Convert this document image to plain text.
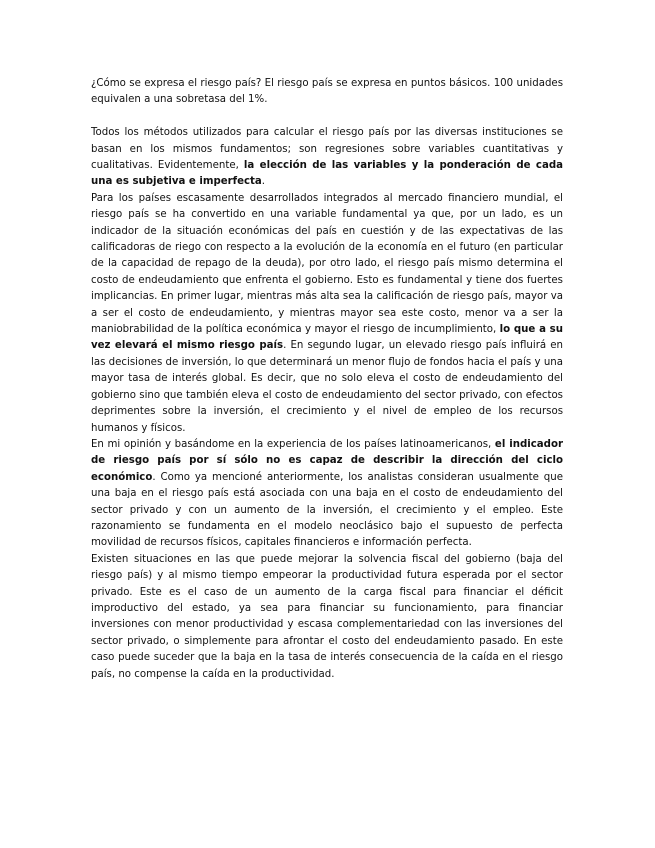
¿Cómo se expresa el riesgo país? El riesgo país se expresa en puntos básicos. 100 unidades equivalen a una sobretasa del 1%.

Todos los métodos utilizados para calcular el riesgo país por las diversas instituciones se basan en los mismos fundamentos; son regresiones sobre variables cuantitativas y cualitativas. Evidentemente, la elección de las variables y la ponderación de cada una es subjetiva e imperfecta.

Para los países escasamente desarrollados integrados al mercado financiero mundial, el riesgo país se ha convertido en una variable fundamental ya que, por un lado, es un indicador de la situación económicas del país en cuestión y de las expectativas de las calificadoras de riego con respecto a la evolución de la economía en el futuro (en particular de la capacidad de repago de la deuda), por otro lado, el riesgo país mismo determina el costo de endeudamiento que enfrenta el gobierno. Esto es fundamental y tiene dos fuertes implicancias. En primer lugar, mientras más alta sea la calificación de riesgo país, mayor va a ser el costo de endeudamiento, y mientras mayor sea este costo, menor va a ser la maniobrabilidad de la política económica y mayor el riesgo de incumplimiento, lo que a su vez elevará el mismo riesgo país. En segundo lugar, un elevado riesgo país influirá en las decisiones de inversión, lo que determinará un menor flujo de fondos hacia el país y una mayor tasa de interés global. Es decir, que no solo eleva el costo de endeudamiento del gobierno sino que también eleva el costo de endeudamiento del sector privado, con efectos deprimentes sobre la inversión, el crecimiento y el nivel de empleo de los recursos humanos y físicos.

En mi opinión y basándome en la experiencia de los países latinoamericanos, el indicador de riesgo país por sí sólo no es capaz de describir la dirección del ciclo económico. Como ya mencioné anteriormente, los analistas consideran usualmente que una baja en el riesgo país está asociada con una baja en el costo de endeudamiento del sector privado y con un aumento de la inversión, el crecimiento y el empleo. Este razonamiento se fundamenta en el modelo neoclásico bajo el supuesto de perfecta movilidad de recursos físicos, capitales financieros e información perfecta.

Existen situaciones en las que puede mejorar la solvencia fiscal del gobierno (baja del riesgo país) y al mismo tiempo empeorar la productividad futura esperada por el sector privado. Este es el caso de un aumento de la carga fiscal para financiar el déficit improductivo del estado, ya sea para financiar su funcionamiento, para financiar inversiones con menor productividad y escasa complementariedad con las inversiones del sector privado, o simplemente para afrontar el costo del endeudamiento pasado. En este caso puede suceder que la baja en la tasa de interés consecuencia de la caída en el riesgo país, no compense la caída en la productividad.
